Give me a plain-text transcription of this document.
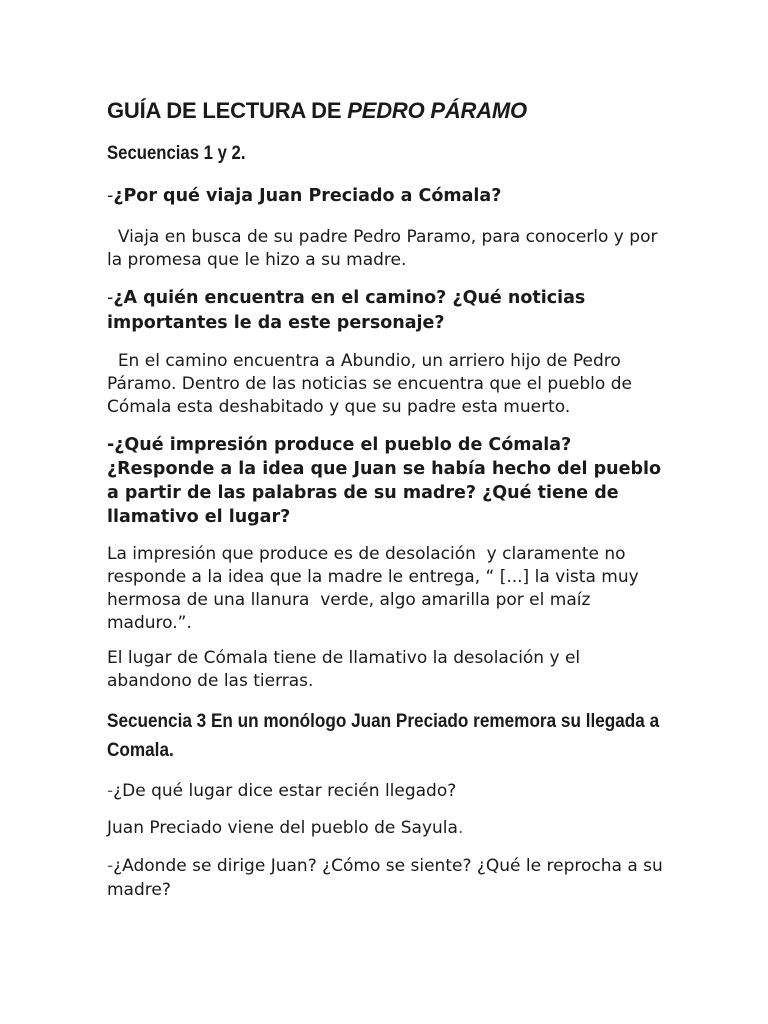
GUÍA DE LECTURA DE PEDRO PÁRAMO
Secuencias 1 y 2.

-¿Por qué viaja Juan Preciado a Cómala?

Viaja en busca de su padre Pedro Paramo, para conocerlo y por la promesa que le hizo a su madre.

-¿A quién encuentra en el camino? ¿Qué noticias importantes le da este personaje?

En el camino encuentra a Abundio, un arriero hijo de Pedro Páramo. Dentro de las noticias se encuentra que el pueblo de Cómala esta deshabitado y que su padre esta muerto.

-¿Qué impresión produce el pueblo de Cómala? ¿Responde a la idea que Juan se había hecho del pueblo a partir de las palabras de su madre? ¿Qué tiene de llamativo el lugar?

La impresión que produce es de desolación  y claramente no responde a la idea que la madre le entrega, “ [...] la vista muy hermosa de una llanura  verde, algo amarilla por el maíz maduro.”.

El lugar de Cómala tiene de llamativo la desolación y el abandono de las tierras.

Secuencia 3 En un monólogo Juan Preciado rememora su llegada a Comala.

-¿De qué lugar dice estar recién llegado?

Juan Preciado viene del pueblo de Sayula.

-¿Adonde se dirige Juan? ¿Cómo se siente? ¿Qué le reprocha a su madre?
